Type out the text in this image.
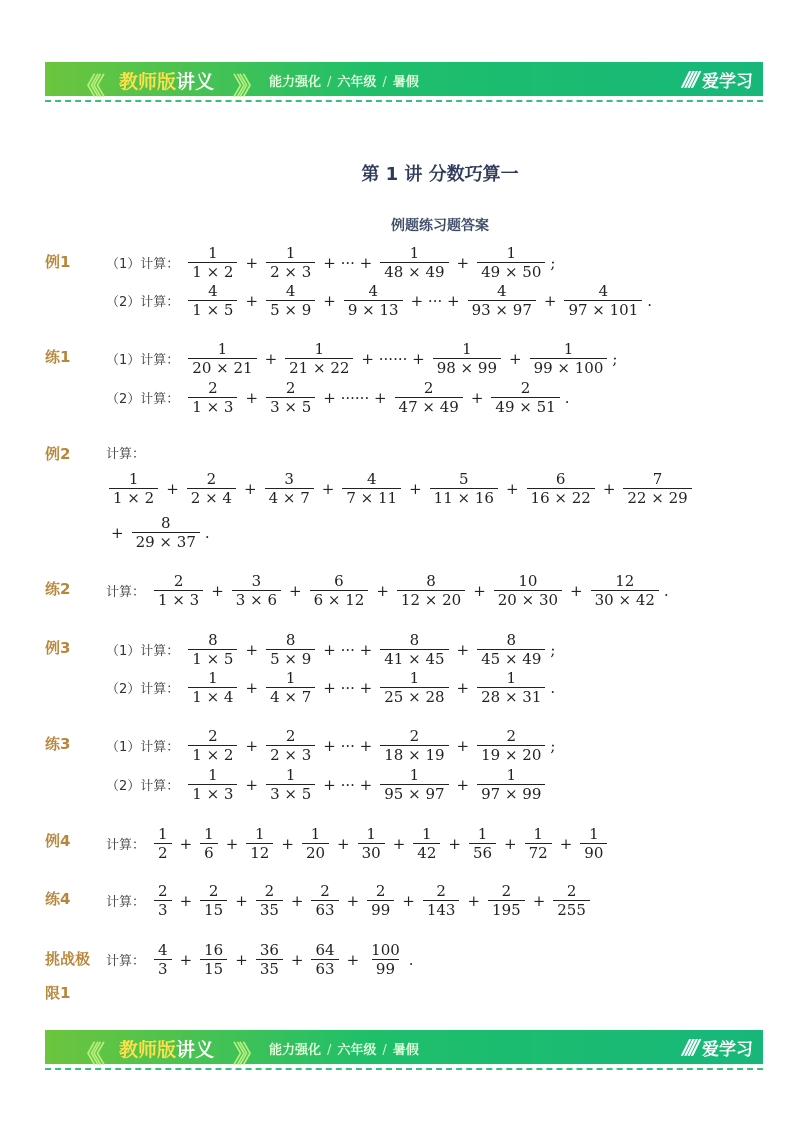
《《 教师版讲义 》》 能力强化 / 六年级 / 暑假	//// 爱学习
第 1 讲 分数巧算一
例题练习题答案
例1
练1
例2
练2
例3
练3
例4
练4
挑战极
限1
（1）计算： $\frac{1}{1 \times 2} + \frac{1}{2 \times 3}$ + ··· + $\frac{1}{48 \times 49} + \frac{1}{49 \times 50}$ ;
（2）计算： $\frac{4}{1 \times 5} + \frac{4}{5 \times 9} + \frac{4}{9 \times 13}$ + ··· + $\frac{4}{93 \times 97} + \frac{4}{97 \times 101}$ .
（1）计算： $\frac{1}{20 \times 21} + \frac{1}{21 \times 22}$ + ······ + $\frac{1}{98 \times 99} + \frac{1}{99 \times 100}$ ;
（2）计算： $\frac{2}{1 \times 3} + \frac{2}{3 \times 5}$ + ······ + $\frac{2}{47 \times 49} + \frac{2}{49 \times 51}$ .
计算：
$\frac{1}{1 \times 2} + \frac{2}{2 \times 4} + \frac{3}{4 \times 7} + \frac{4}{7 \times 11} + \frac{5}{11 \times 16} + \frac{6}{16 \times 22} + \frac{7}{22 \times 29}$
+ $\frac{8}{29 \times 37}$ .
计算： $\frac{2}{1 \times 3} + \frac{3}{3 \times 6} + \frac{6}{6 \times 12} + \frac{8}{12 \times 20} + \frac{10}{20 \times 30} + \frac{12}{30 \times 42}$ .
（1）计算： $\frac{8}{1 \times 5} + \frac{8}{5 \times 9}$ + ··· + $\frac{8}{41 \times 45} + \frac{8}{45 \times 49}$ ;
（2）计算： $\frac{1}{1 \times 4} + \frac{1}{4 \times 7}$ + ··· + $\frac{1}{25 \times 28} + \frac{1}{28 \times 31}$ .
（1）计算： $\frac{2}{1 \times 2} + \frac{2}{2 \times 3}$ + ··· + $\frac{2}{18 \times 19} + \frac{2}{19 \times 20}$ ;
（2）计算： $\frac{1}{1 \times 3} + \frac{1}{3 \times 5}$ + ··· + $\frac{1}{95 \times 97} + \frac{1}{97 \times 99}$
计算： $\frac{1}{2} + \frac{1}{6} + \frac{1}{12} + \frac{1}{20} + \frac{1}{30} + \frac{1}{42} + \frac{1}{56} + \frac{1}{72} + \frac{1}{90}$
计算： $\frac{2}{3} + \frac{2}{15} + \frac{2}{35} + \frac{2}{63} + \frac{2}{99} + \frac{2}{143} + \frac{2}{195} + \frac{2}{255}$
计算： $\frac{4}{3} + \frac{16}{15} + \frac{36}{35} + \frac{64}{63} + \frac{100}{99}$ .
《《 教师版讲义 》》 能力强化 / 六年级 / 暑假	//// 爱学习
